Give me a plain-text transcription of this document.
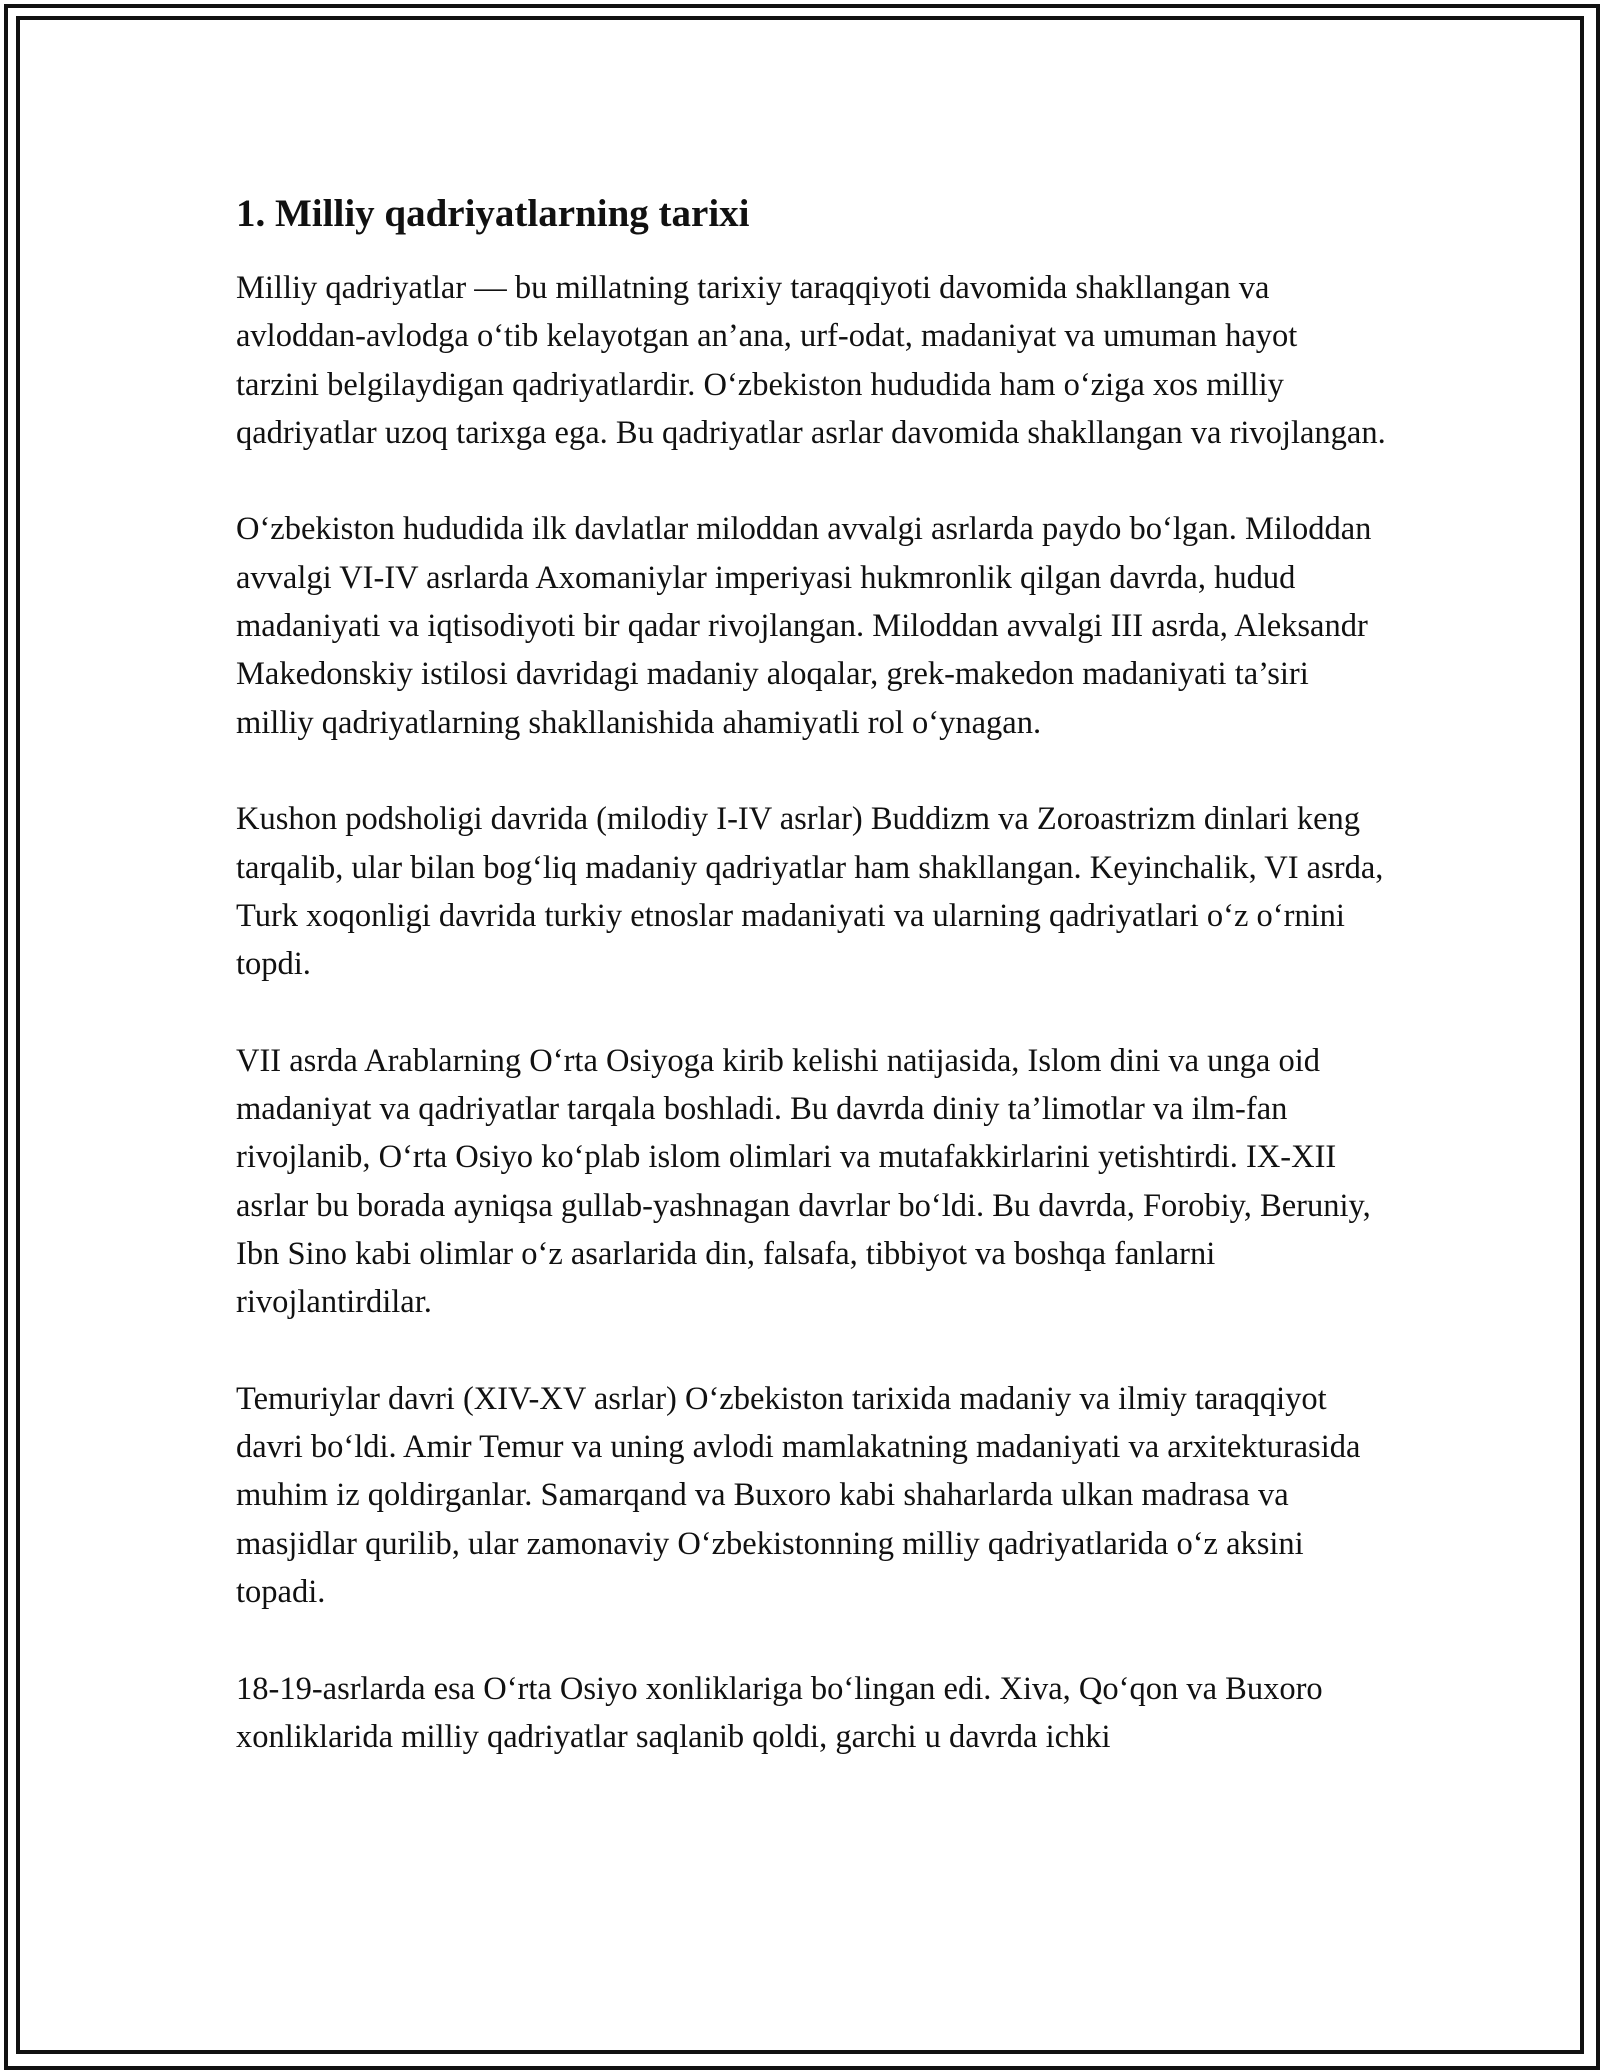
1. Milliy qadriyatlarning tarixi

Milliy qadriyatlar — bu millatning tarixiy taraqqiyoti davomida shakllangan va avloddan-avlodga o‘tib kelayotgan an’ana, urf-odat, madaniyat va umuman hayot tarzini belgilaydigan qadriyatlardir. O‘zbekiston hududida ham o‘ziga xos milliy qadriyatlar uzoq tarixga ega. Bu qadriyatlar asrlar davomida shakllangan va rivojlangan.

O‘zbekiston hududida ilk davlatlar miloddan avvalgi asrlarda paydo bo‘lgan. Miloddan avvalgi VI-IV asrlarda Axomaniylar imperiyasi hukmronlik qilgan davrda, hudud madaniyati va iqtisodiyoti bir qadar rivojlangan. Miloddan avvalgi III asrda, Aleksandr Makedonskiy istilosi davridagi madaniy aloqalar, grek-makedon madaniyati ta’siri milliy qadriyatlarning shakllanishida ahamiyatli rol o‘ynagan.

Kushon podsholigi davrida (milodiy I-IV asrlar) Buddizm va Zoroastrizm dinlari keng tarqalib, ular bilan bog‘liq madaniy qadriyatlar ham shakllangan. Keyinchalik, VI asrda, Turk xoqonligi davrida turkiy etnoslar madaniyati va ularning qadriyatlari o‘z o‘rnini topdi.

VII asrda Arablarning O‘rta Osiyoga kirib kelishi natijasida, Islom dini va unga oid madaniyat va qadriyatlar tarqala boshladi. Bu davrda diniy ta’limotlar va ilm-fan rivojlanib, O‘rta Osiyo ko‘plab islom olimlari va mutafakkirlarini yetishtirdi. IX-XII asrlar bu borada ayniqsa gullab-yashnagan davrlar bo‘ldi. Bu davrda, Forobiy, Beruniy, Ibn Sino kabi olimlar o‘z asarlarida din, falsafa, tibbiyot va boshqa fanlarni rivojlantirdilar.

Temuriylar davri (XIV-XV asrlar) O‘zbekiston tarixida madaniy va ilmiy taraqqiyot davri bo‘ldi. Amir Temur va uning avlodi mamlakatning madaniyati va arxitekturasida muhim iz qoldirganlar. Samarqand va Buxoro kabi shaharlarda ulkan madrasa va masjidlar qurilib, ular zamonaviy O‘zbekistonning milliy qadriyatlarida o‘z aksini topadi.

18-19-asrlarda esa O‘rta Osiyo xonliklariga bo‘lingan edi. Xiva, Qo‘qon va Buxoro xonliklarida milliy qadriyatlar saqlanib qoldi, garchi u davrda ichki
